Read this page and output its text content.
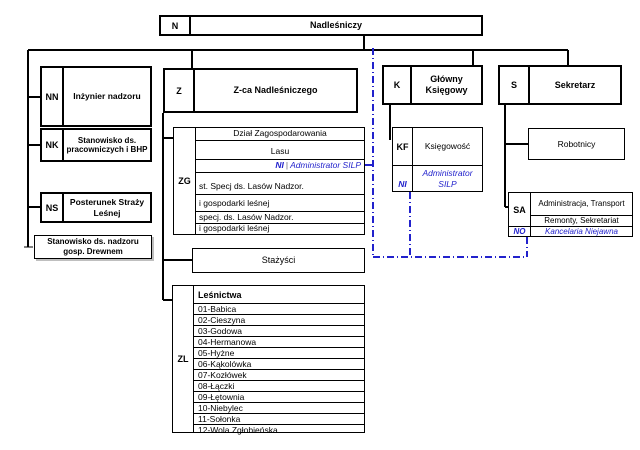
N	Nadleśniczy
NN	Inżynier nadzoru
NK	Stanowisko ds. pracowniczych i BHP
NS
Posterunek Straży Leśnej
Stanowisko ds. nadzoru gosp. Drewnem
Z	Z-ca Nadleśniczego
ZG
Dział Zagospodarowania
Lasu
NI | Administrator SILP
st. Specj ds. Lasów Nadzor.
i gospodarki leśnej
specj. ds. Lasów Nadzor.
i gospodarki leśnej
Stażyści
ZL
Leśnictwa
01-Babica
02-Cieszyna
03-Godowa
04-Hermanowa
05-Hyżne
06-Kąkolówka
07-Kozłówek
08-Łączki
09-Łętownia
10-Niebylec
11-Sołonka
12-Wola Zgłobieńska
K
Główny Księgowy
KF	Księgowość
NI
Administrator SILP
S	Sekretarz
Robotnicy
SA
NO
Administracja, Transport
Remonty, Sekretariat
Kancelaria Niejawna
